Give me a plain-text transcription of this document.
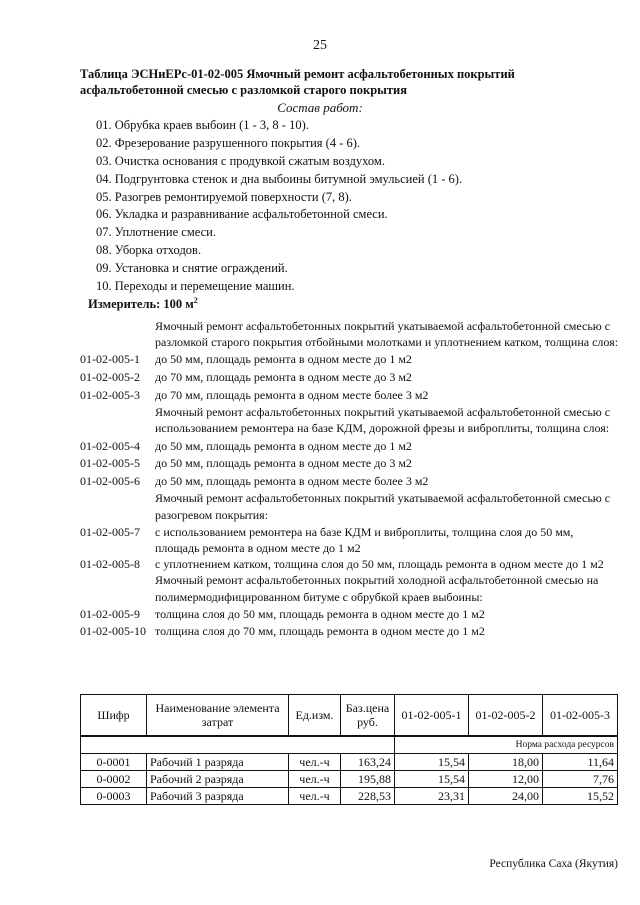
25
Таблица ЭСНиЕРс-01-02-005 Ямочный ремонт асфальтобетонных покрытий асфальтобетонной смесью с разломкой старого покрытия
Состав работ:
01. Обрубка краев выбоин (1 - 3, 8 - 10).
02. Фрезерование разрушенного покрытия (4 - 6).
03. Очистка основания с продувкой сжатым воздухом.
04. Подгрунтовка стенок и дна выбоины битумной эмульсией (1 - 6).
05. Разогрев ремонтируемой поверхности (7, 8).
06. Укладка и разравнивание асфальтобетонной смеси.
07. Уплотнение смеси.
08. Уборка отходов.
09. Установка и снятие ограждений.
10. Переходы и перемещение машин.
Измеритель: 100 $м^2$
Ямочный ремонт асфальтобетонных покрытий укатываемой асфальтобетонной смесью с разломкой старого покрытия отбойными молотками и уплотнением катком, толщина слоя:
01-02-005-1	до 50 мм, площадь ремонта в одном месте до 1 м2
01-02-005-2	до 70 мм, площадь ремонта в одном месте до 3 м2
01-02-005-3	до 70 мм, площадь ремонта в одном месте более 3 м2
Ямочный ремонт асфальтобетонных покрытий укатываемой асфальтобетонной смесью с использованием ремонтера на базе КДМ, дорожной фрезы и виброплиты, толщина слоя:
01-02-005-4	до 50 мм, площадь ремонта в одном месте до 1 м2
01-02-005-5	до 50 мм, площадь ремонта в одном месте до 3 м2
01-02-005-6	до 50 мм, площадь ремонта в одном месте более 3 м2
Ямочный ремонт асфальтобетонных покрытий укатываемой асфальтобетонной смесью с разогревом покрытия:
01-02-005-7	с использованием ремонтера на базе КДМ и виброплиты, толщина слоя до 50 мм, площадь ремонта в одном месте до 1 м2
01-02-005-8	с уплотнением катком, толщина слоя до 50 мм, площадь ремонта в одном месте до 1 м2
Ямочный ремонт асфальтобетонных покрытий холодной асфальтобетонной смесью на полимермодифицированном битуме с обрубкой краев выбоины:
01-02-005-9	толщина слоя до 50 мм, площадь ремонта в одном месте до 1 м2
01-02-005-10 толщина слоя до 70 мм, площадь ремонта в одном месте до 1 м2
Шифр	Наименование элемента затрат	Ед.изм.	Баз.цена руб.	01-02-005-1	01-02-005-2	01-02-005-3
				Норма расхода ресурсов		
0-0001	Рабочий 1 разряда	чел.-ч	163,24	15,54	18,00	11,64
0-0002	Рабочий 2 разряда	чел.-ч	195,88	15,54	12,00	7,76
0-0003	Рабочий 3 разряда	чел.-ч	228,53	23,31	24,00	15,52
Республика Саха (Якутия)
